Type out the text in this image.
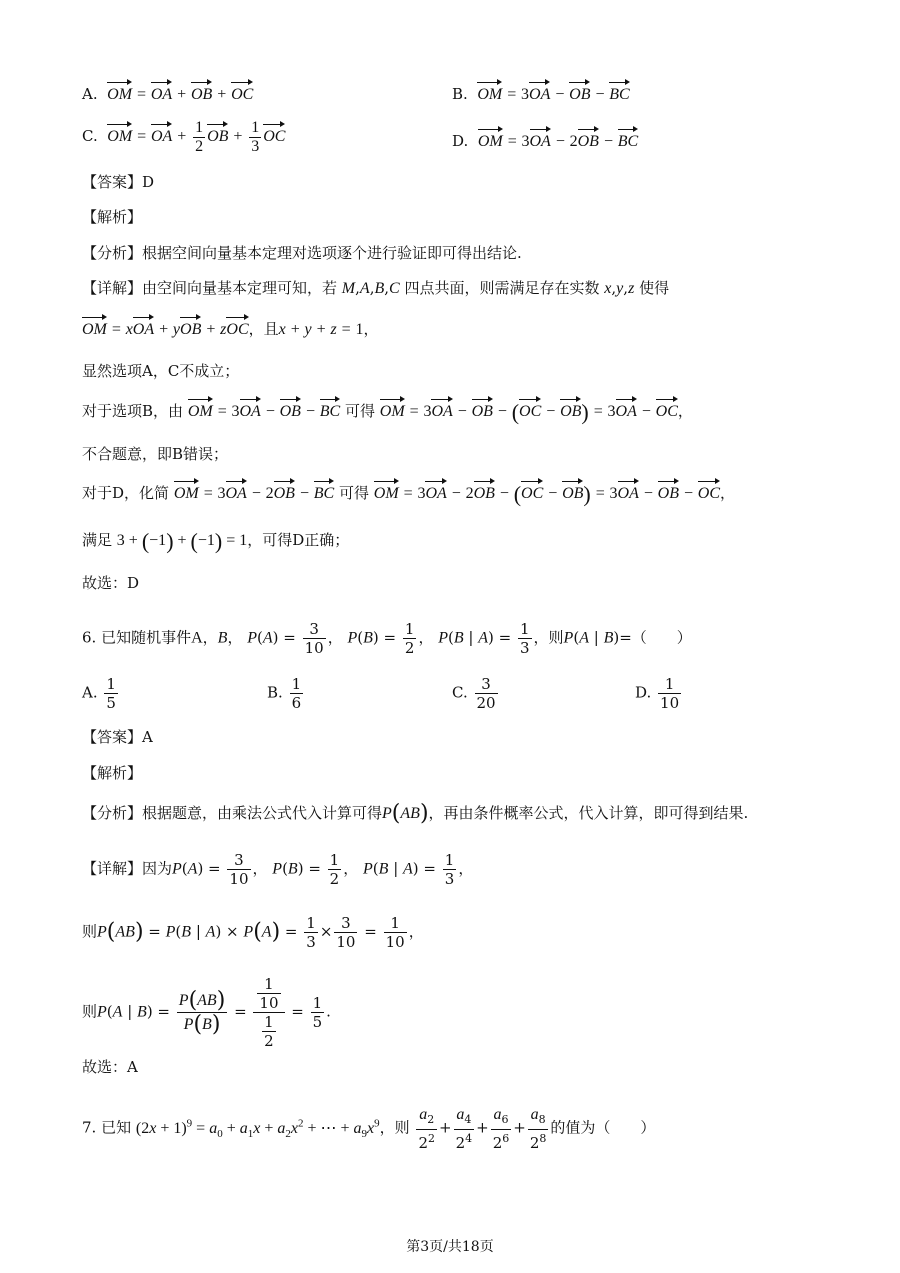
A. OM = OA + OB + OC	B. OM = 3OA − OB − BC
C. OM = OA + $\frac{1}{2}$ OB + $\frac{1}{3}$ OC	D. OM = 3OA − 2OB − BC
【答案】D
【解析】
【分析】根据空间向量基本定理对选项逐个进行验证即可得出结论.
【详解】由空间向量基本定理可知，若 M,A,B,C 四点共面，则需满足存在实数 x,y,z 使得
OM = xOA + yOB + zOC，且x + y + z = 1，
显然选项A，C不成立；
对于选项B，由 OM = 3OA − OB − BC 可得 OM = 3OA − OB − (OC − OB) = 3OA − OC，
不合题意，即B错误；
对于D，化简 OM = 3OA − 2OB − BC 可得 OM = 3OA − 2OB − (OC − OB) = 3OA − OB − OC，
满足 3 + (−1) + (−1) = 1，可得D正确；
故选：D
6. 已知随机事件A，B， $P(A) = \frac{3}{10}$ ， $P(B) = \frac{1}{2}$ ， P(B | $A) = \frac{1}{3}$ ，则P(A | B)=（　　）
A. $\frac{1}{5}$	B. $\frac{1}{6}$	C. $\frac{3}{20}$	D. $\frac{1}{10}$
【答案】A
【解析】
【分析】根据题意，由乘法公式代入计算可得P(AB)，再由条件概率公式，代入计算，即可得到结果.
【详解】因为$P(A) = \frac{3}{10}$ ， $P(B) = \frac{1}{2}$ ， P(B | $A) = \frac{1}{3}$ ，
则P(AB) = P(B | $A) \times P(A) = \frac{1}{3} \times \frac{3}{10} = \frac{1}{10}$ ，
则P(A | $B) = \frac{P(AB)}{P(B)} = \frac{\frac{1}{10}}{\frac{1}{2}} = \frac{1}{5}$ .
故选：A
7. 已知 $(2x + 1)^9 = a_0 + a_1x + a_2x^2$ + ⋯ + $a_9x^9$，则 $\frac{a_2}{2^2} + \frac{a_4}{2^4} + \frac{a_6}{2^6} + \frac{a_8}{2^8}$ 的值为（　　）
第3页/共18页
